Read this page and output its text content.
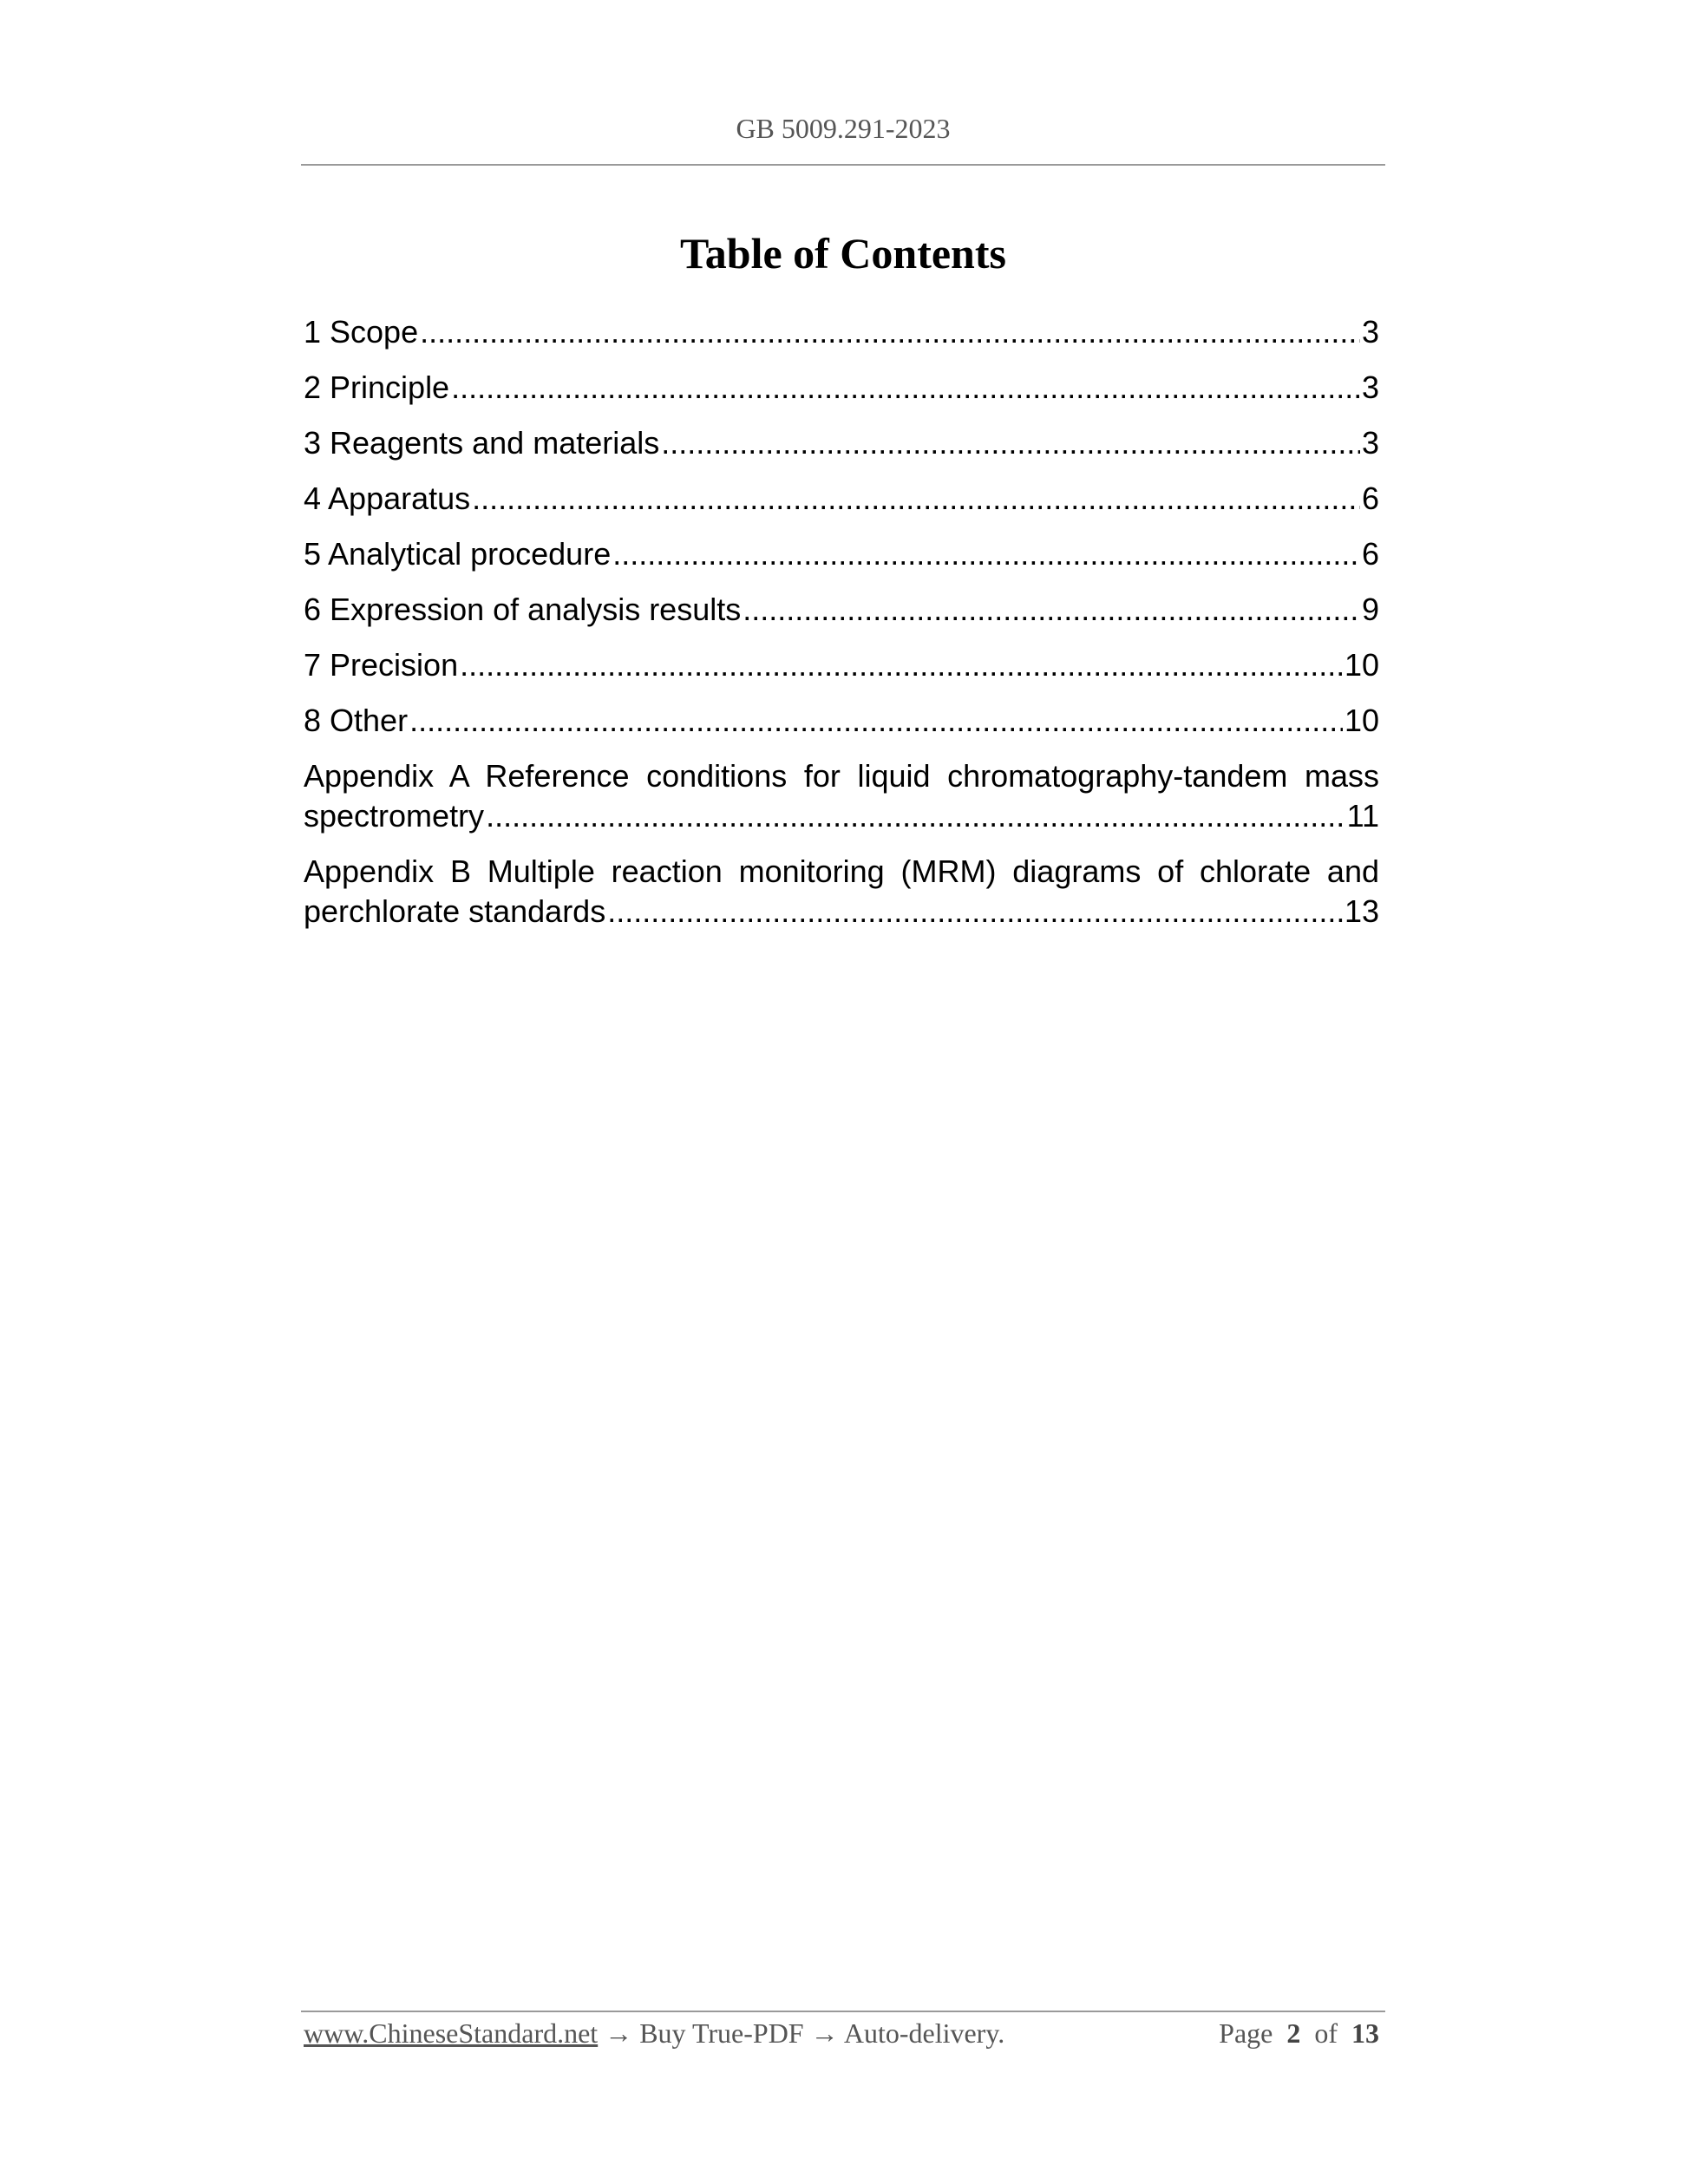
GB 5009.291-2023
Table of Contents
1 Scope .....	3
2 Principle .....	3
3 Reagents and materials .....	3
4 Apparatus .....	6
5 Analytical procedure .....	6
6 Expression of analysis results .....	9
7 Precision .....	10
8 Other .....	10
Appendix A Reference conditions for liquid chromatography-tandem mass
spectrometry .....	11
Appendix B Multiple reaction monitoring (MRM) diagrams of chlorate and
perchlorate standards .....	13
www.ChineseStandard.net → Buy True-PDF → Auto-delivery.	Page 2 of 13
